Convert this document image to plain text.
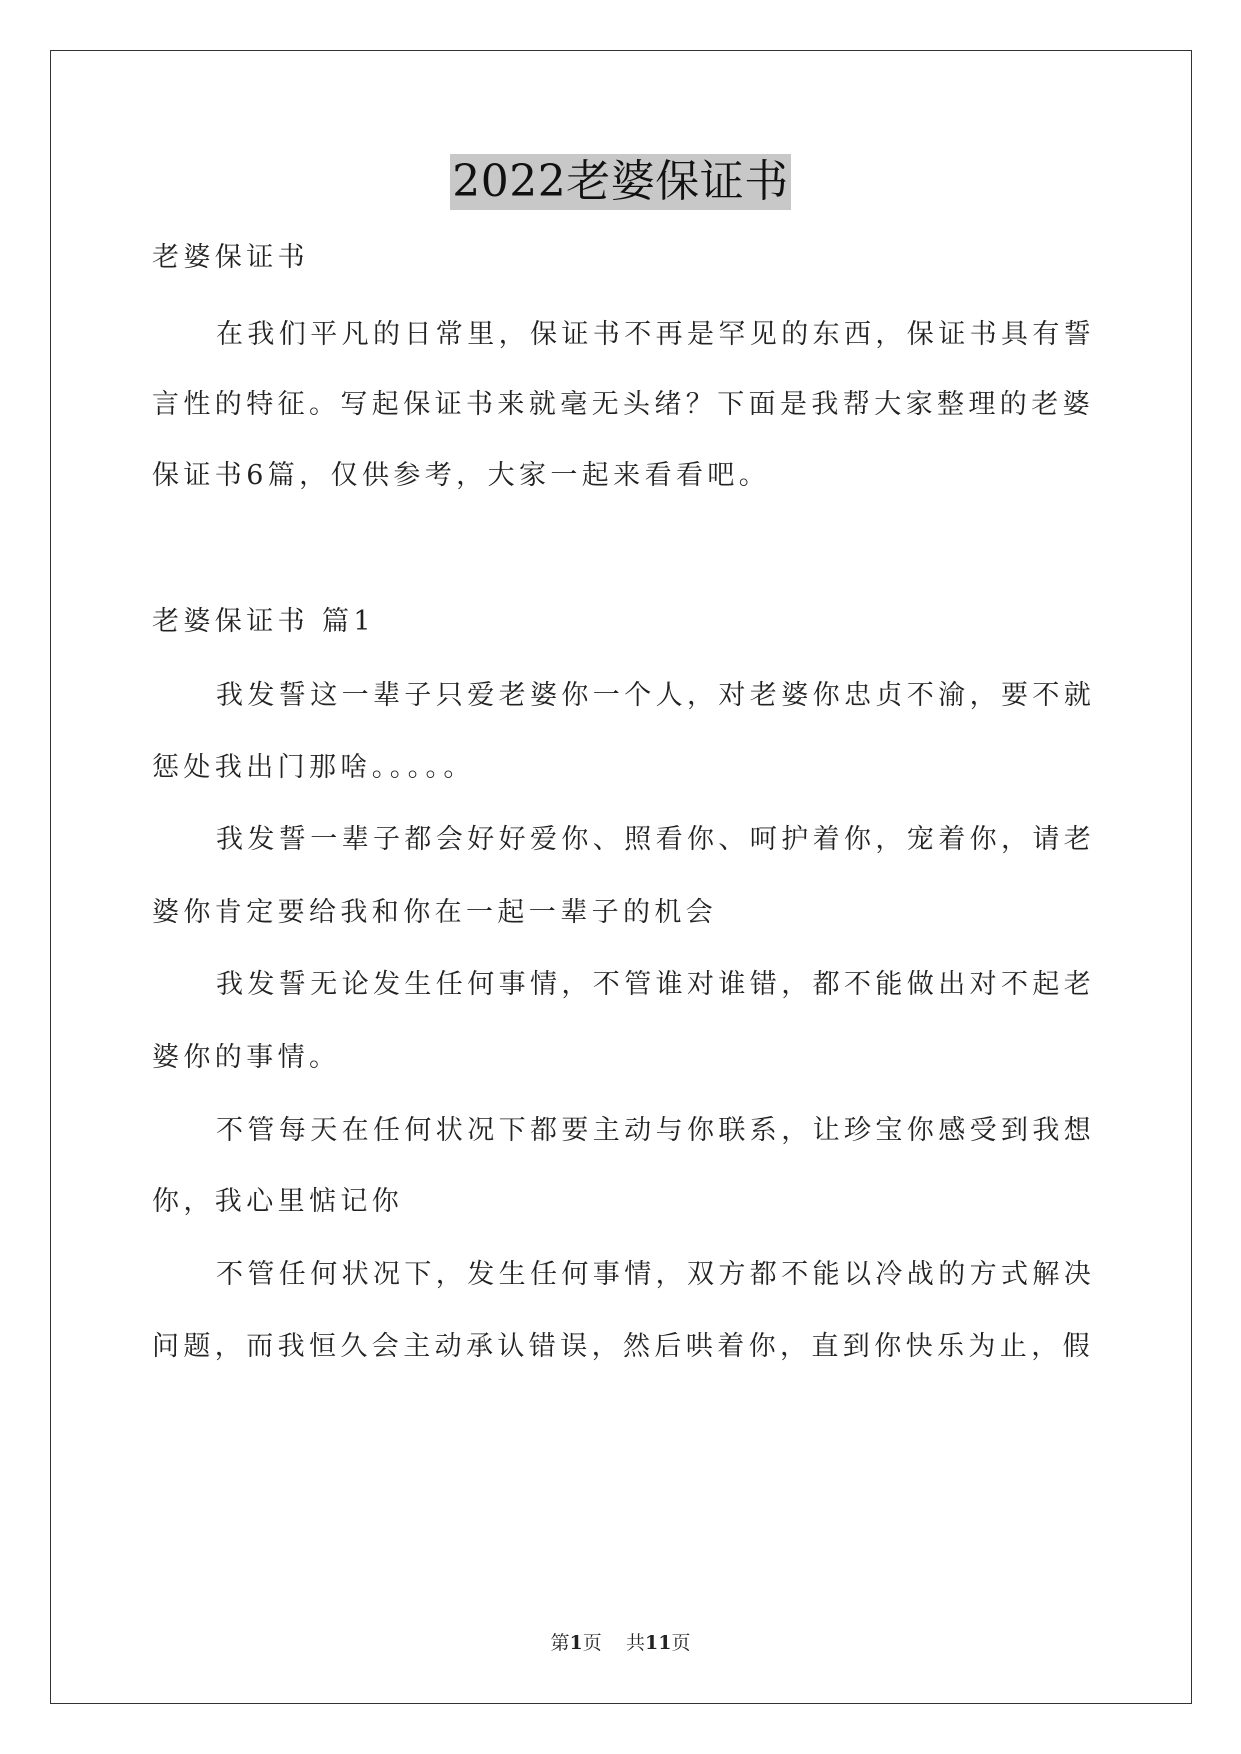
2022老婆保证书
老婆保证书
在我们平凡的日常里，保证书不再是罕见的东西，保证书具有誓
言性的特征。写起保证书来就毫无头绪？下面是我帮大家整理的老婆
保证书6篇，仅供参考，大家一起来看看吧。
老婆保证书 篇1
我发誓这一辈子只爱老婆你一个人，对老婆你忠贞不渝，要不就
惩处我出门那啥。。。。。
我发誓一辈子都会好好爱你、照看你、呵护着你，宠着你，请老
婆你肯定要给我和你在一起一辈子的机会
我发誓无论发生任何事情，不管谁对谁错，都不能做出对不起老
婆你的事情。
不管每天在任何状况下都要主动与你联系，让珍宝你感受到我想
你，我心里惦记你
不管任何状况下，发生任何事情，双方都不能以冷战的方式解决
问题，而我恒久会主动承认错误，然后哄着你，直到你快乐为止，假
第1页 共11页
